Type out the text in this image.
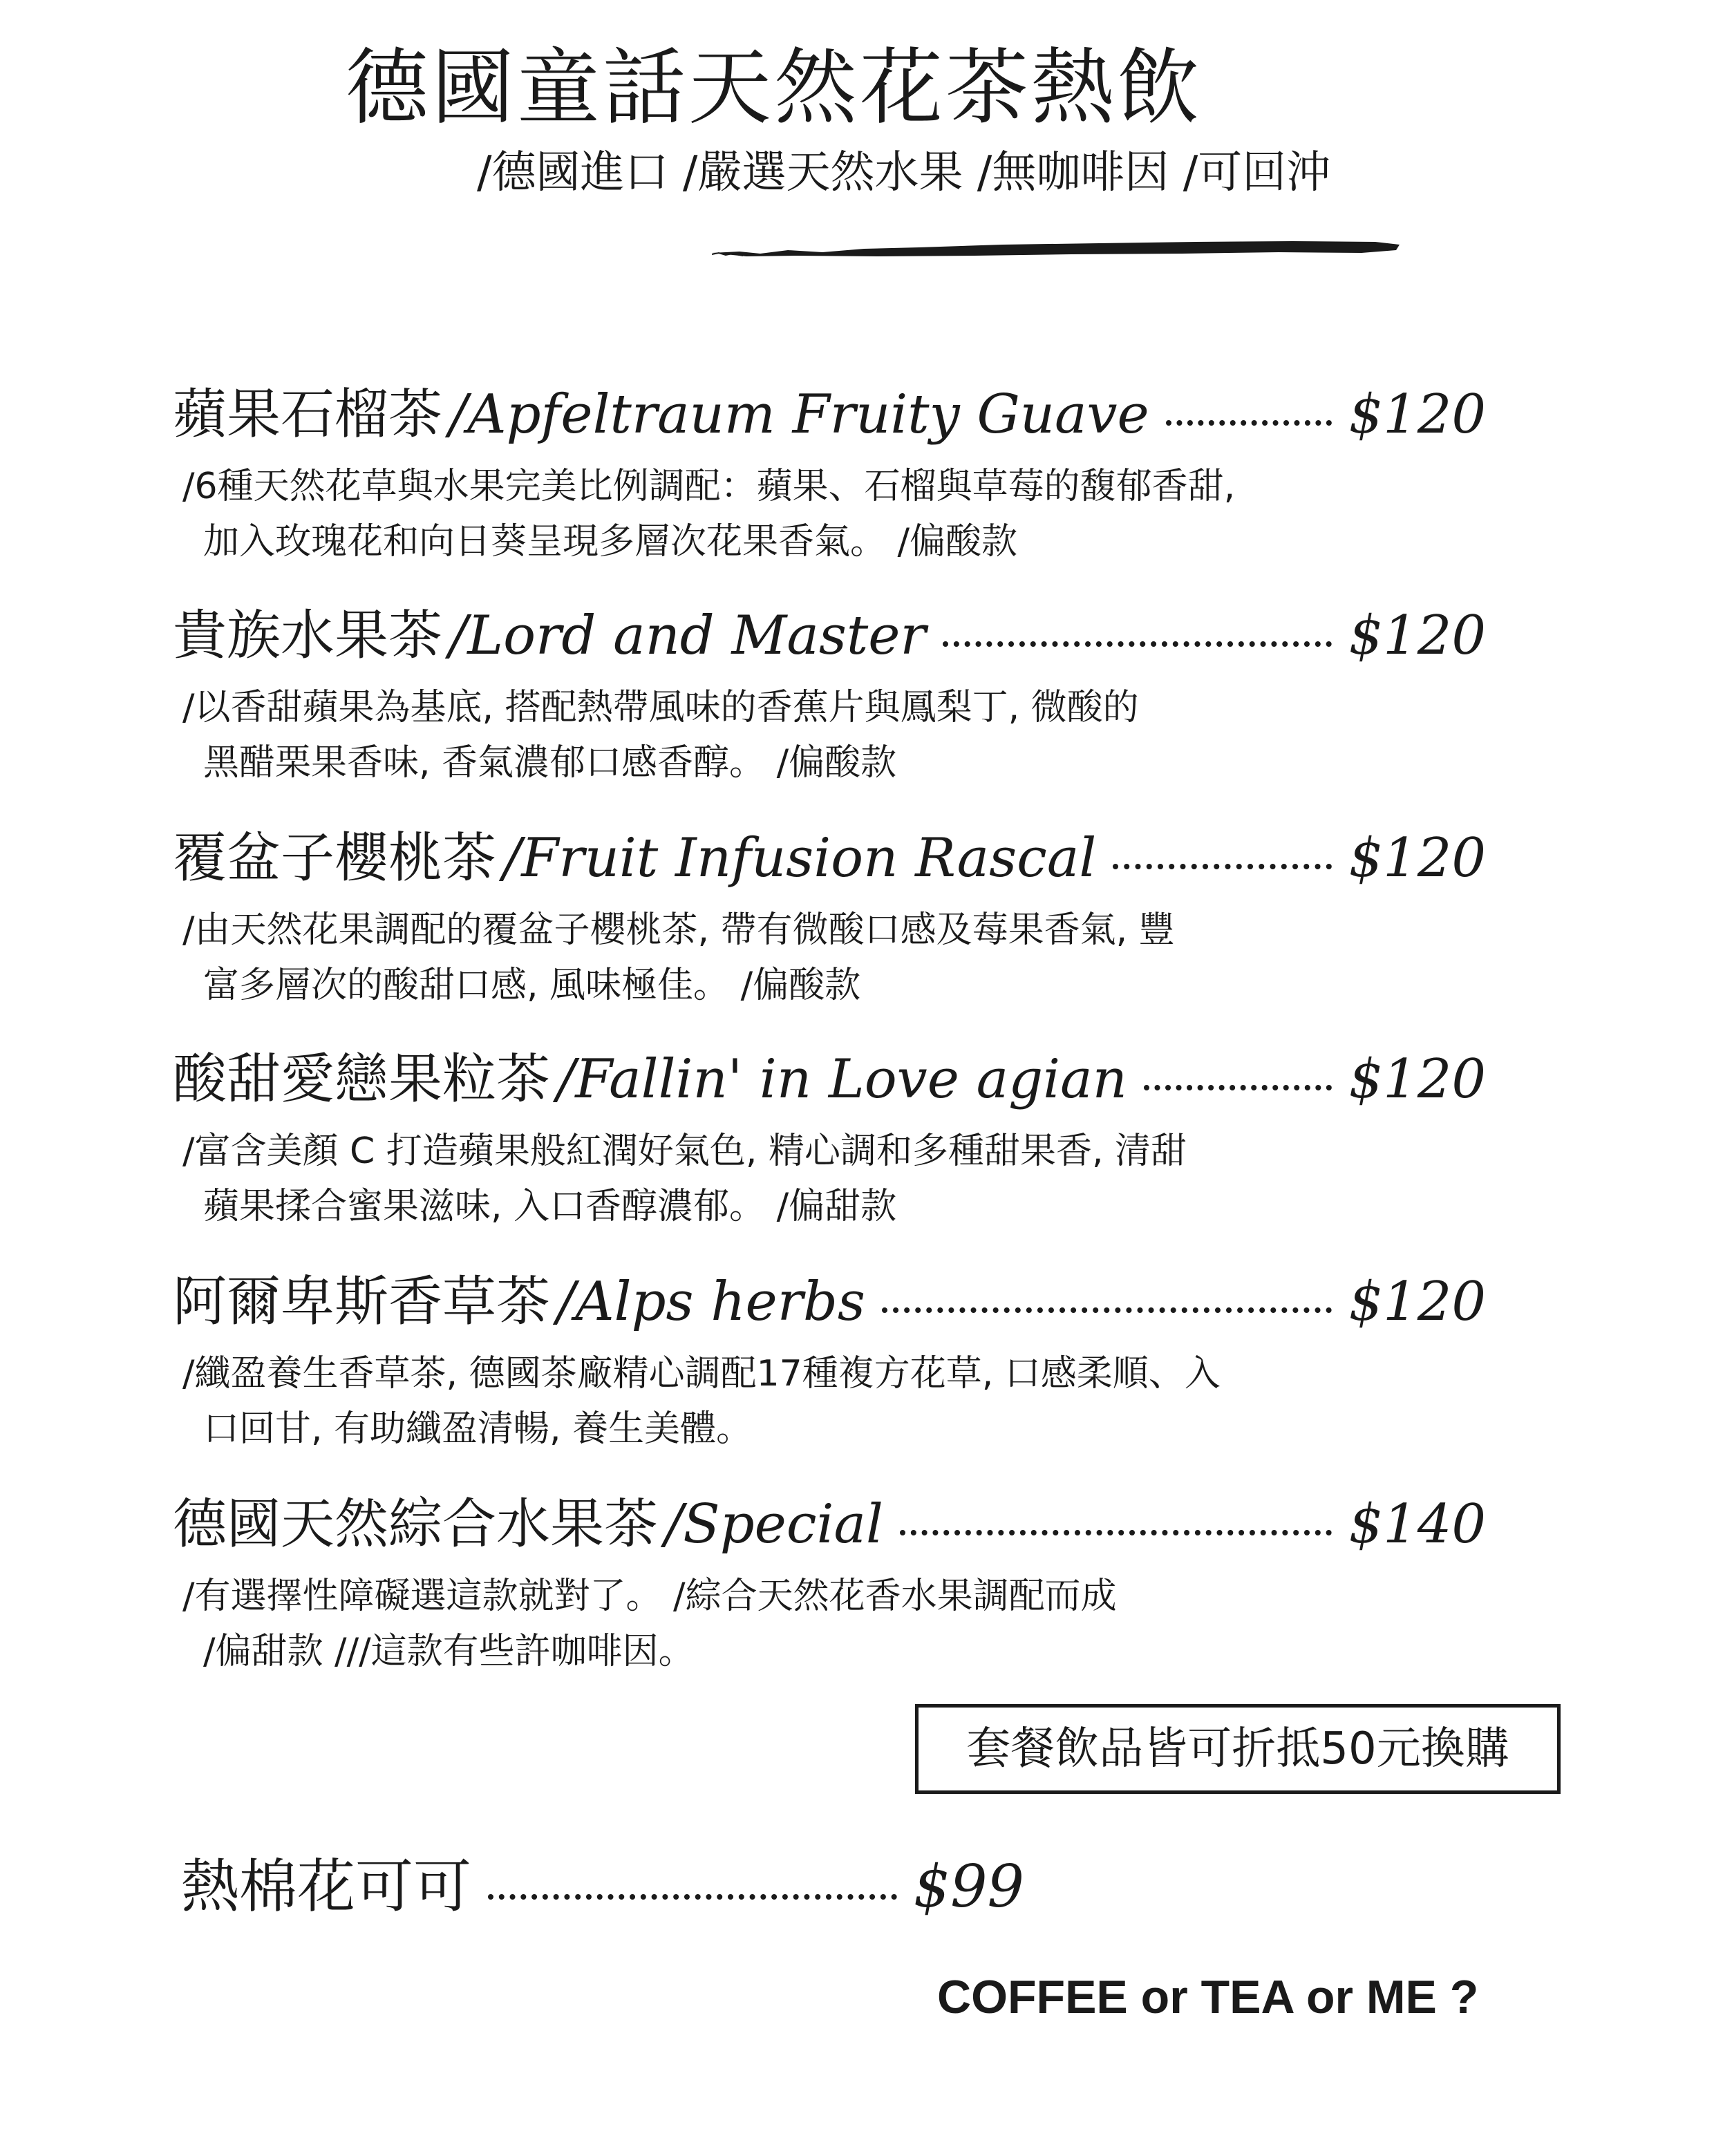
德國童話天然花茶熱飲
/德國進口 /嚴選天然水果 /無咖啡因 /可回沖
蘋果石榴茶 /Apfeltraum Fruity Guave	$120
/6種天然花草與水果完美比例調配：蘋果、石榴與草莓的馥郁香甜,
加入玫瑰花和向日葵呈現多層次花果香氣。 /偏酸款
貴族水果茶 /Lord and Master	$120
/以香甜蘋果為基底, 搭配熱帶風味的香蕉片與鳳梨丁, 微酸的
黑醋栗果香味, 香氣濃郁口感香醇。 /偏酸款
覆盆子櫻桃茶 /Fruit Infusion Rascal	$120
/由天然花果調配的覆盆子櫻桃茶, 帶有微酸口感及莓果香氣, 豐
富多層次的酸甜口感, 風味極佳。 /偏酸款
酸甜愛戀果粒茶 /Fallin' in Love agian	$120
/富含美顏 C 打造蘋果般紅潤好氣色, 精心調和多種甜果香, 清甜
蘋果揉合蜜果滋味, 入口香醇濃郁。 /偏甜款
阿爾卑斯香草茶 /Alps herbs	$120
/纖盈養生香草茶, 德國茶廠精心調配17種複方花草, 口感柔順、入
口回甘, 有助纖盈清暢, 養生美體。
德國天然綜合水果茶 /Special	$140
/有選擇性障礙選這款就對了。 /綜合天然花香水果調配而成
/偏甜款 ///這款有些許咖啡因。
套餐飲品皆可折抵50元換購
熱棉花可可	$99
COFFEE or TEA or ME ?
